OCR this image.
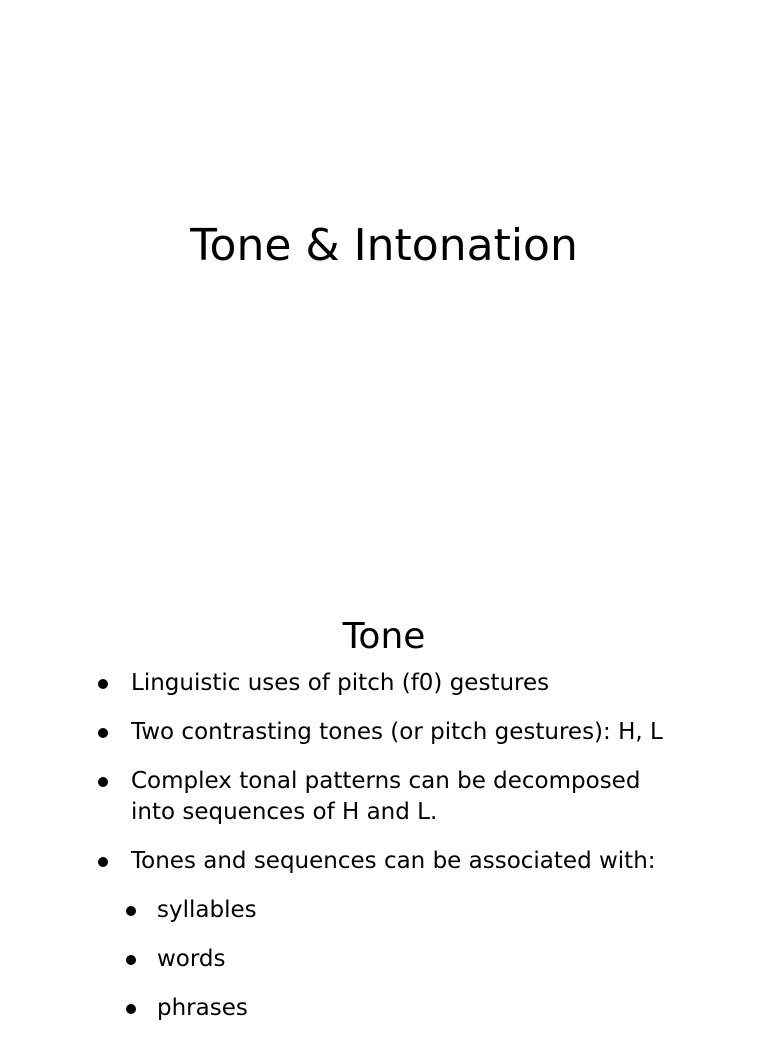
Tone & Intonation
Tone
Linguistic uses of pitch (f0) gestures
Two contrasting tones (or pitch gestures): H, L
Complex tonal patterns can be decomposed into sequences of H and L.
Tones and sequences can be associated with:
syllables
words
phrases
